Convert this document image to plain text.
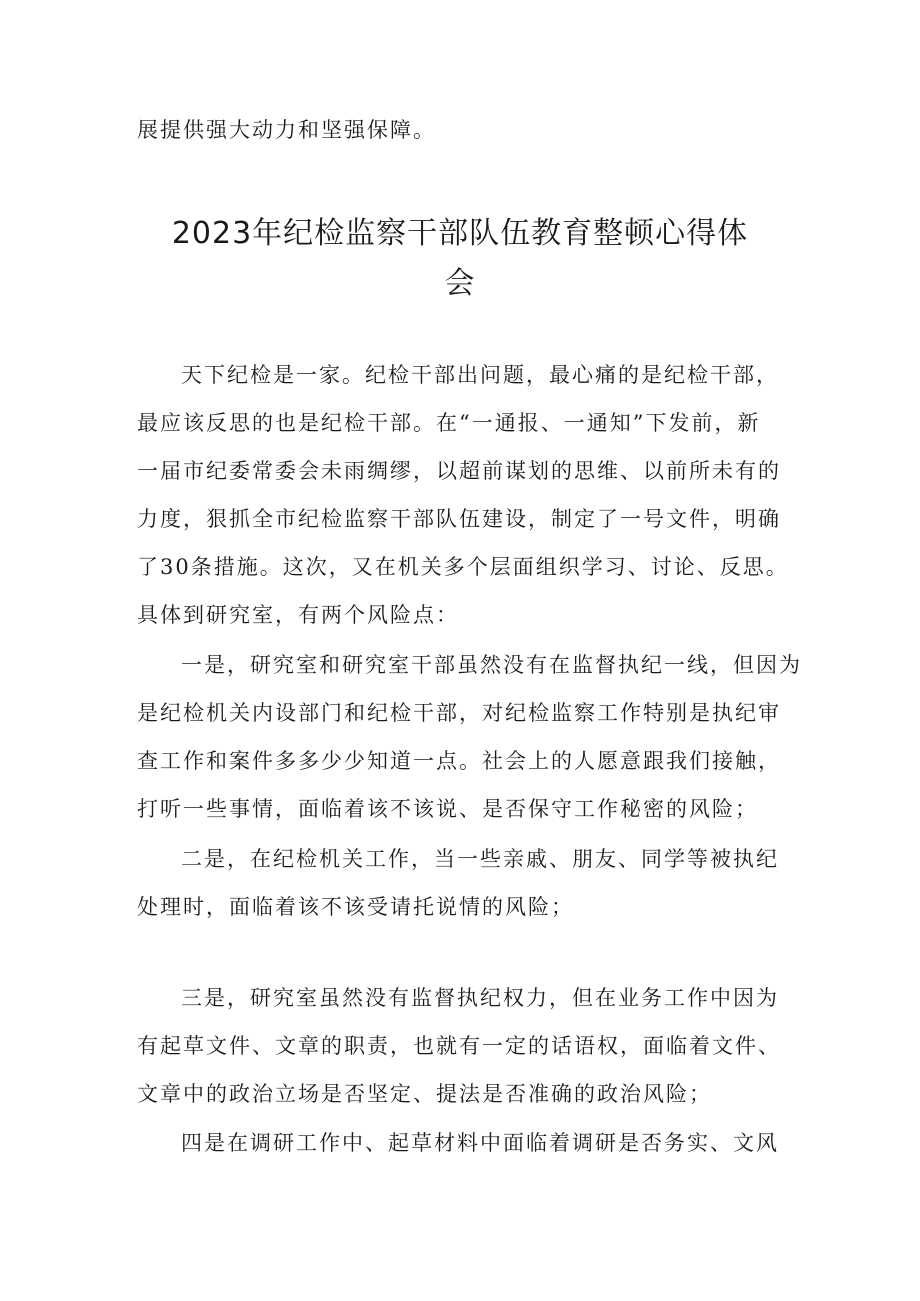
展提供强大动力和坚强保障。
2023年纪检监察干部队伍教育整顿心得体
会
天下纪检是一家。纪检干部出问题，最心痛的是纪检干部，
最应该反思的也是纪检干部。在“一通报、一通知”下发前，新
一届市纪委常委会未雨绸缪，以超前谋划的思维、以前所未有的
力度，狠抓全市纪检监察干部队伍建设，制定了一号文件，明确
了30条措施。这次，又在机关多个层面组织学习、讨论、反思。
具体到研究室，有两个风险点：
一是，研究室和研究室干部虽然没有在监督执纪一线，但因为
是纪检机关内设部门和纪检干部，对纪检监察工作特别是执纪审
查工作和案件多多少少知道一点。社会上的人愿意跟我们接触，
打听一些事情，面临着该不该说、是否保守工作秘密的风险；
二是，在纪检机关工作，当一些亲戚、朋友、同学等被执纪
处理时，面临着该不该受请托说情的风险；
三是，研究室虽然没有监督执纪权力，但在业务工作中因为
有起草文件、文章的职责，也就有一定的话语权，面临着文件、
文章中的政治立场是否坚定、提法是否准确的政治风险；
四是在调研工作中、起草材料中面临着调研是否务实、文风
